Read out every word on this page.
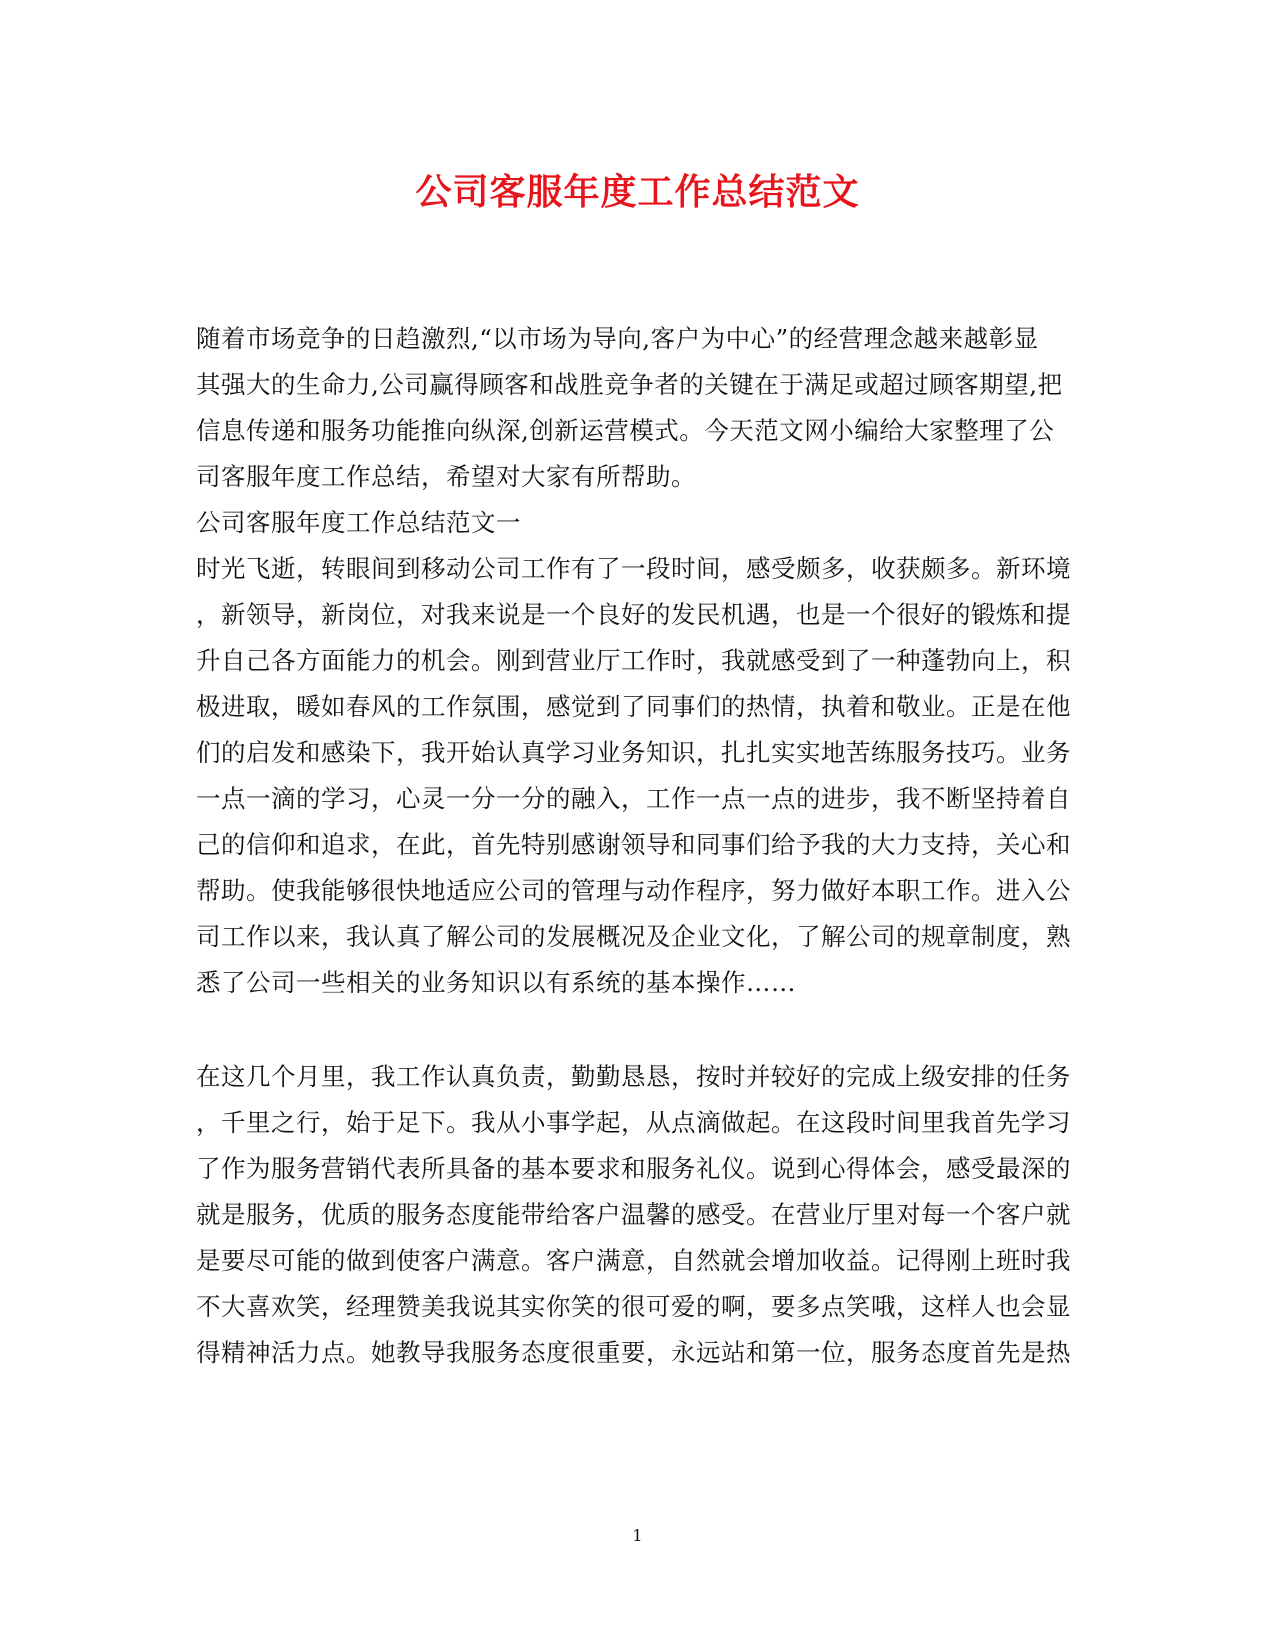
公司客服年度工作总结范文
随着市场竞争的日趋激烈,“以市场为导向,客户为中心”的经营理念越来越彰显
其强大的生命力,公司赢得顾客和战胜竞争者的关键在于满足或超过顾客期望,把
信息传递和服务功能推向纵深,创新运营模式。今天范文网小编给大家整理了公
司客服年度工作总结，希望对大家有所帮助。
公司客服年度工作总结范文一
时光飞逝，转眼间到移动公司工作有了一段时间，感受颇多，收获颇多。新环境
，新领导，新岗位，对我来说是一个良好的发民机遇，也是一个很好的锻炼和提
升自己各方面能力的机会。刚到营业厅工作时，我就感受到了一种蓬勃向上，积
极进取，暖如春风的工作氛围，感觉到了同事们的热情，执着和敬业。正是在他
们的启发和感染下，我开始认真学习业务知识，扎扎实实地苦练服务技巧。业务
一点一滴的学习，心灵一分一分的融入，工作一点一点的进步，我不断坚持着自
己的信仰和追求，在此，首先特别感谢领导和同事们给予我的大力支持，关心和
帮助。使我能够很快地适应公司的管理与动作程序，努力做好本职工作。进入公
司工作以来，我认真了解公司的发展概况及企业文化，了解公司的规章制度，熟
悉了公司一些相关的业务知识以有系统的基本操作……
在这几个月里，我工作认真负责，勤勤恳恳，按时并较好的完成上级安排的任务
，千里之行，始于足下。我从小事学起，从点滴做起。在这段时间里我首先学习
了作为服务营销代表所具备的基本要求和服务礼仪。说到心得体会，感受最深的
就是服务，优质的服务态度能带给客户温馨的感受。在营业厅里对每一个客户就
是要尽可能的做到使客户满意。客户满意，自然就会增加收益。记得刚上班时我
不大喜欢笑，经理赞美我说其实你笑的很可爱的啊，要多点笑哦，这样人也会显
得精神活力点。她教导我服务态度很重要，永远站和第一位，服务态度首先是热
1
